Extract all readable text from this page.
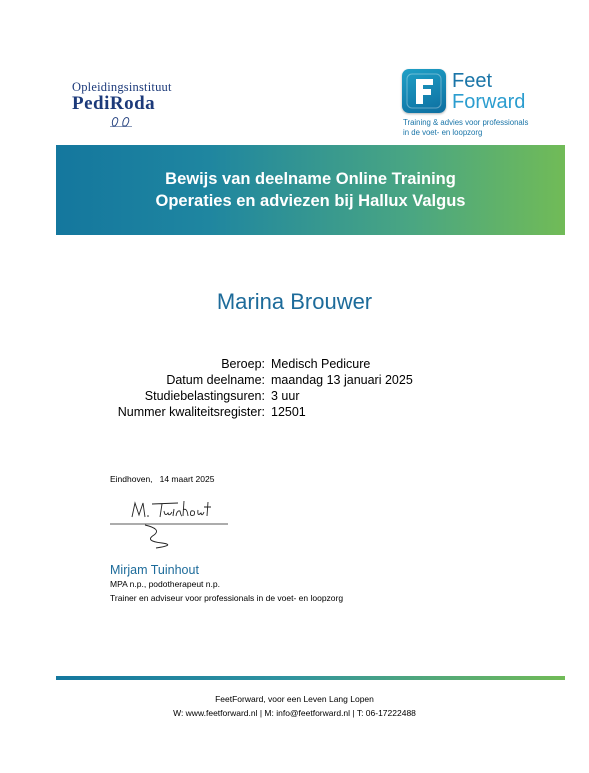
Opleidingsinstituut
PediRoda
Feet
Forward
Training & advies voor professionals
in de voet- en loopzorg
Bewijs van deelname Online Training
Operaties en adviezen bij Hallux Valgus
Marina Brouwer
Beroep: Medisch Pedicure
Datum deelname: maandag 13 januari 2025
Studiebelastingsuren: 3 uur
Nummer kwaliteitsregister: 12501
Eindhoven,   14 maart 2025
Mirjam Tuinhout
MPA n.p., podotherapeut n.p.
Trainer en adviseur voor professionals in de voet- en loopzorg
FeetForward, voor een Leven Lang Lopen
W: www.feetforward.nl | M: info@feetforward.nl | T: 06-17222488
